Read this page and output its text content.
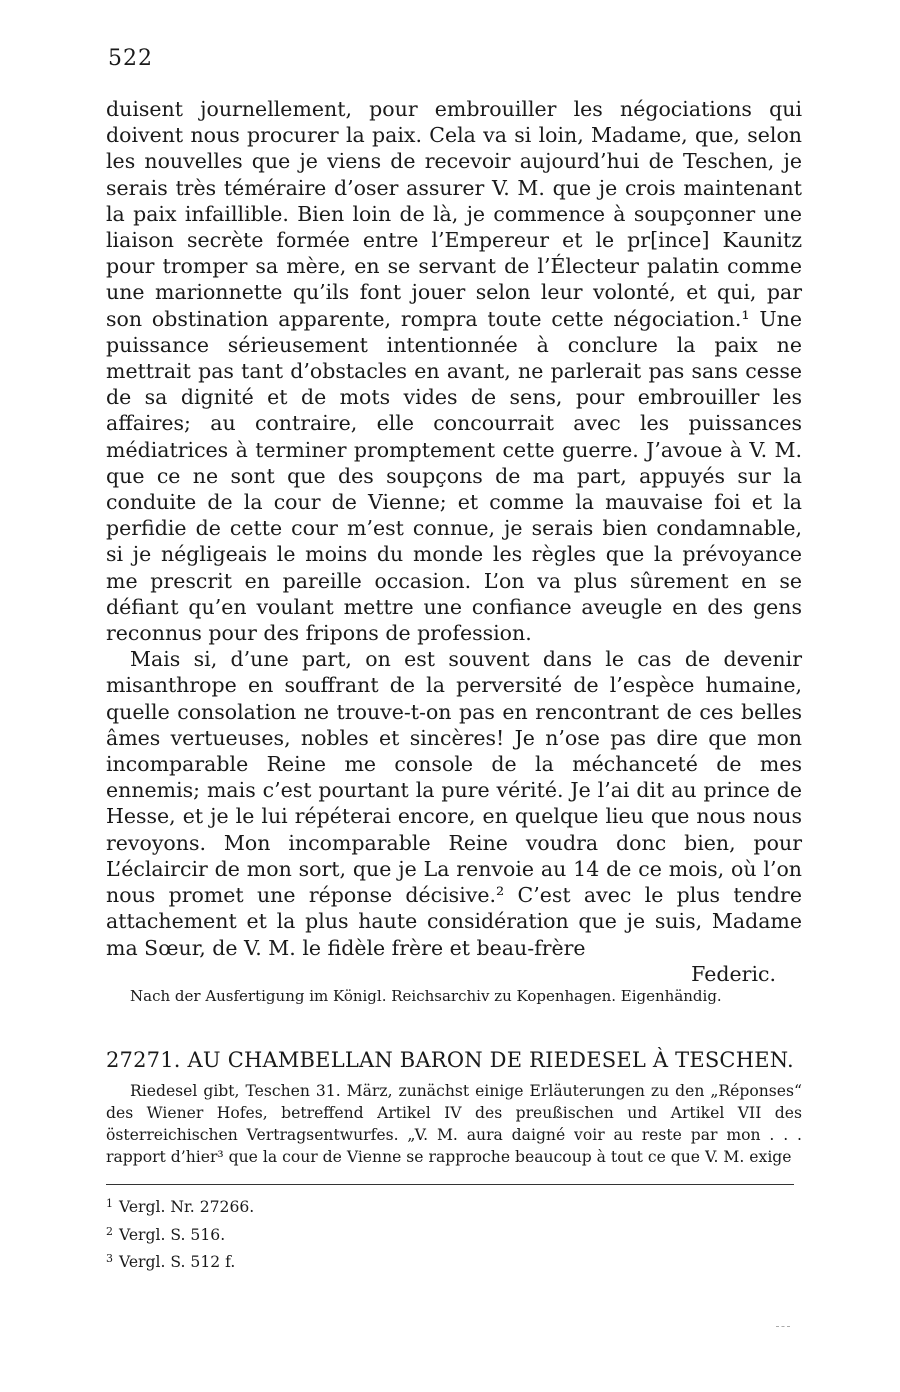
522

duisent journellement, pour embrouiller les négociations qui doivent nous procurer la paix. Cela va si loin, Madame, que, selon les nouvelles que je viens de recevoir aujourd’hui de Teschen, je serais très téméraire d’oser assurer V. M. que je crois maintenant la paix infaillible. Bien loin de là, je commence à soupçonner une liaison secrète formée entre l’Empereur et le pr[ince] Kaunitz pour tromper sa mère, en se servant de l’Électeur palatin comme une marionnette qu’ils font jouer selon leur volonté, et qui, par son obstination apparente, rompra toute cette négociation.¹ Une puissance sérieusement intentionnée à conclure la paix ne mettrait pas tant d’obstacles en avant, ne parlerait pas sans cesse de sa dignité et de mots vides de sens, pour embrouiller les affaires; au contraire, elle concourrait avec les puissances médiatrices à terminer promptement cette guerre. J’avoue à V. M. que ce ne sont que des soupçons de ma part, appuyés sur la conduite de la cour de Vienne; et comme la mauvaise foi et la perfidie de cette cour m’est connue, je serais bien condamnable, si je négligeais le moins du monde les règles que la prévoyance me prescrit en pareille occasion. L’on va plus sûrement en se défiant qu’en voulant mettre une confiance aveugle en des gens reconnus pour des fripons de profession.

Mais si, d’une part, on est souvent dans le cas de devenir misanthrope en souffrant de la perversité de l’espèce humaine, quelle consolation ne trouve-t-on pas en rencontrant de ces belles âmes vertueuses, nobles et sincères! Je n’ose pas dire que mon incomparable Reine me console de la méchanceté de mes ennemis; mais c’est pourtant la pure vérité. Je l’ai dit au prince de Hesse, et je le lui répéterai encore, en quelque lieu que nous nous revoyons. Mon incomparable Reine voudra donc bien, pour L’éclaircir de mon sort, que je La renvoie au 14 de ce mois, où l’on nous promet une réponse décisive.² C’est avec le plus tendre attachement et la plus haute considération que je suis, Madame ma Sœur, de V. M. le fidèle frère et beau-frère

Federic.

Nach der Ausfertigung im Königl. Reichsarchiv zu Kopenhagen. Eigenhändig.
27271. AU CHAMBELLAN BARON DE RIEDESEL À TESCHEN.

Riedesel gibt, Teschen 31. März, zunächst einige Erläuterungen zu den „Réponses“ des Wiener Hofes, betreffend Artikel IV des preußischen und Artikel VII des österreichischen Vertragsentwurfes. „V. M. aura daigné voir au reste par mon . . . rapport d’hier³ que la cour de Vienne se rapproche beaucoup à tout ce que V. M. exige

$^1$ Vergl. Nr. 27266.

$^2$ Vergl. S. 516.

$^3$ Vergl. S. 512 f.
